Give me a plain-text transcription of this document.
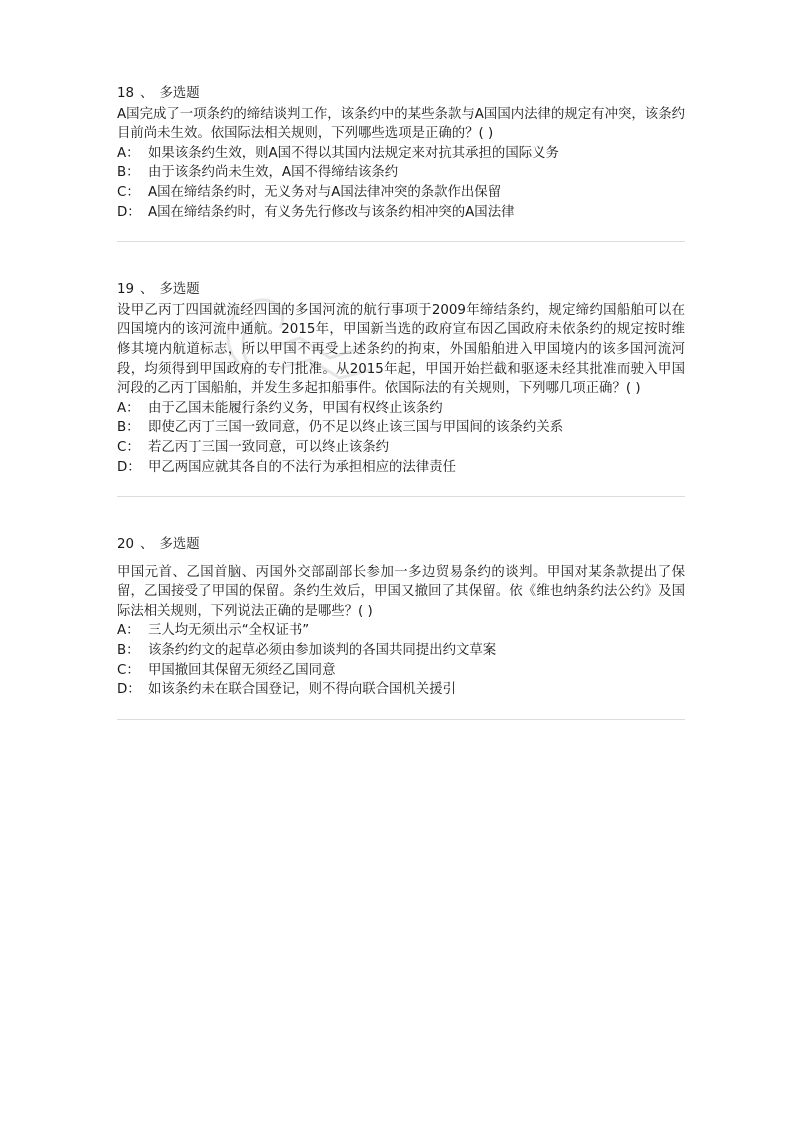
18 、 多选题

A国完成了一项条约的缔结谈判工作，该条约中的某些条款与A国国内法律的规定有冲突，该条约目前尚未生效。依国际法相关规则，下列哪些选项是正确的？( )

A： 如果该条约生效，则A国不得以其国内法规定来对抗其承担的国际义务

B： 由于该条约尚未生效，A国不得缔结该条约

C： A国在缔结条约时，无义务对与A国法律冲突的条款作出保留

D： A国在缔结条约时，有义务先行修改与该条约相冲突的A国法律

19 、 多选题

设甲乙丙丁四国就流经四国的多国河流的航行事项于2009年缔结条约，规定缔约国船舶可以在四国境内的该河流中通航。2015年，甲国新当选的政府宣布因乙国政府未依条约的规定按时维修其境内航道标志，所以甲国不再受上述条约的拘束，外国船舶进入甲国境内的该多国河流河段，均须得到甲国政府的专门批准。从2015年起，甲国开始拦截和驱逐未经其批准而驶入甲国河段的乙丙丁国船舶，并发生多起扣船事件。依国际法的有关规则，下列哪几项正确？( )

A： 由于乙国未能履行条约义务，甲国有权终止该条约

B： 即使乙丙丁三国一致同意，仍不足以终止该三国与甲国间的该条约关系

C： 若乙丙丁三国一致同意，可以终止该条约

D： 甲乙两国应就其各自的不法行为承担相应的法律责任

20 、 多选题

甲国元首、乙国首脑、丙国外交部副部长参加一多边贸易条约的谈判。甲国对某条款提出了保留，乙国接受了甲国的保留。条约生效后，甲国又撤回了其保留。依《维也纳条约法公约》及国际法相关规则，下列说法正确的是哪些？( )

A： 三人均无须出示“全权证书”

B： 该条约约文的起草必须由参加谈判的各国共同提出约文草案

C： 甲国撤回其保留无须经乙国同意

D： 如该条约未在联合国登记，则不得向联合国机关援引
